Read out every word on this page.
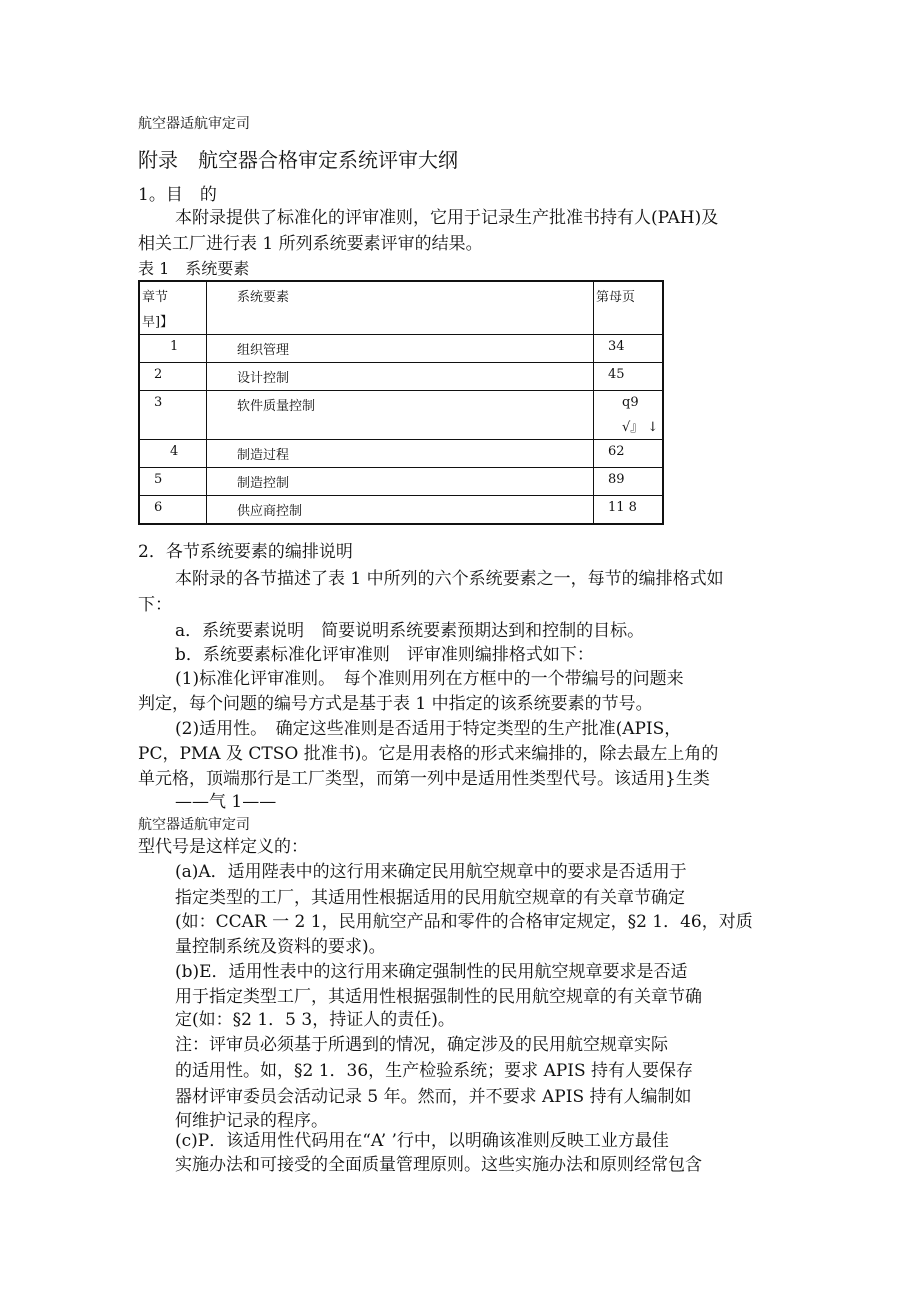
航空器适航审定司
附录　航空器合格审定系统评审大纲
1。目　的
本附录提供了标准化的评审准则，它用于记录生产批准书持有人(PAH)及
相关工厂进行表 1 所列系统要素评审的结果。
表 1　系统要素
章节
早]】	系统要素	第母页
1	组织管理	34
2	设计控制	45
3	软件质量控制	q9
√』 ↓

4	制造过程	62
5	制造控制	89
6	供应商控制	11 8
2．各节系统要素的编排说明
本附录的各节描述了表 1 中所列的六个系统要素之一，每节的编排格式如
下：
a．系统要素说明　简要说明系统要素预期达到和控制的目标。
b．系统要素标准化评审准则　评审准则编排格式如下：
(1)标准化评审准则。　每个准则用列在方框中的一个带编号的问题来
判定，每个问题的编号方式是基于表 1 中指定的该系统要素的节号。
(2)适用性。　确定这些准则是否适用于特定类型的生产批准(APIS，
PC，PMA 及 CTSO 批准书)。它是用表格的形式来编排的，除去最左上角的
单元格，顶端那行是工厂类型，而第一列中是适用性类型代号。该适用}生类
——气 1——
航空器适航审定司
型代号是这样定义的：
(a)A．适用陛表中的这行用来确定民用航空规章中的要求是否适用于
指定类型的工厂，其适用性根据适用的民用航空规章的有关章节确定
(如：CCAR 一 2 1，民用航空产品和零件的合格审定规定，§2 1．46，对质
量控制系统及资料的要求)。
(b)E．适用性表中的这行用来确定强制性的民用航空规章要求是否适
用于指定类型工厂，其适用性根据强制性的民用航空规章的有关章节确
定(如：§2 1．5 3，持证人的责任)。
注：评审员必须基于所遇到的情况，确定涉及的民用航空规章实际
的适用性。如，§2 1．36，生产检验系统；要求 APIS 持有人要保存
器材评审委员会活动记录 5 年。然而，并不要求 APIS 持有人编制如
何维护记录的程序。
(c)P．该适用性代码用在“A’ ’行中，以明确该准则反映工业方最佳
实施办法和可接受的全面质量管理原则。这些实施办法和原则经常包含
